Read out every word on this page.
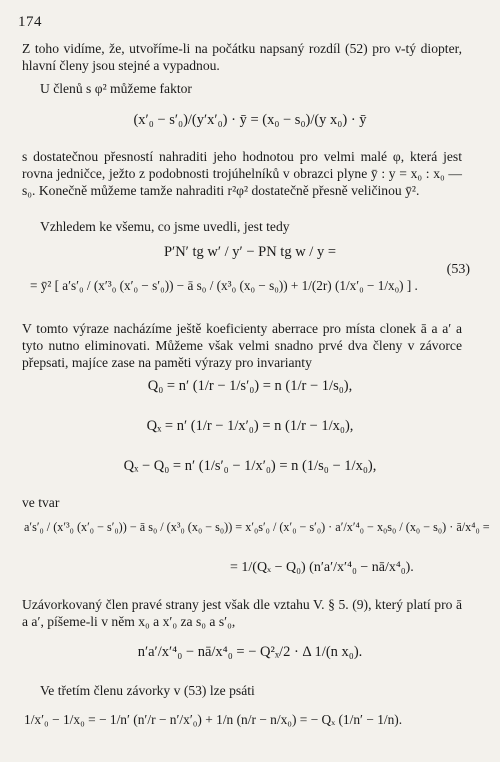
174
Z toho vidíme, že, utvoříme-li na počátku napsaný rozdíl (52) pro ν-tý diopter, hlavní členy jsou stejné a vypadnou.
U členů s φ² můžeme faktor
(x′₀ − s′₀)/(y′x′₀) · ȳ = (x₀ − s₀)/(y x₀) · ȳ
s dostatečnou přesností nahraditi jeho hodnotou pro velmi malé φ, která jest rovna jedničce, ježto z podobnosti trojúhelníků v obrazci plyne ȳ : y = x₀ : x₀ — s₀. Konečně můžeme tamže nahraditi r²φ² dostatečně přesně veličinou ȳ².
Vzhledem ke všemu, co jsme uvedli, jest tedy
P′N′ tg w′ / y′ − PN tg w / y =
= ȳ² [ a′s′₀ / (x′³₀ (x′₀ − s′₀)) − ā s₀ / (x³₀ (x₀ − s₀)) + 1/(2r) (1/x′₀ − 1/x₀) ] .
(53)
V tomto výraze nacházíme ještě koeficienty aberrace pro místa clonek ā a a′ a tyto nutno eliminovati. Můžeme však velmi snadno prvé dva členy v závorce přepsati, majíce zase na paměti výrazy pro invarianty
Q₀ = n′ (1/r − 1/s′₀) = n (1/r − 1/s₀),
Qₓ = n′ (1/r − 1/x′₀) = n (1/r − 1/x₀),
Qₓ − Q₀ = n′ (1/s′₀ − 1/x′₀) = n (1/s₀ − 1/x₀),
ve tvar
a′s′₀ / (x′³₀ (x′₀ − s′₀)) − ā s₀ / (x³₀ (x₀ − s₀)) = x′₀s′₀ / (x′₀ − s′₀) · a′/x′⁴₀ − x₀s₀ / (x₀ − s₀) · ā/x⁴₀ =
= 1/(Qₓ − Q₀) (n′a′/x′⁴₀ − nā/x⁴₀).
Uzávorkovaný člen pravé strany jest však dle vztahu V. § 5. (9), který platí pro ā a a′, píšeme-li v něm x₀ a x′₀ za s₀ a s′₀,
n′a′/x′⁴₀ − nā/x⁴₀ = − Q²ₓ/2 · Δ 1/(n x₀).
Ve třetím členu závorky v (53) lze psáti
1/x′₀ − 1/x₀ = − 1/n′ (n′/r − n′/x′₀) + 1/n (n/r − n/x₀) = − Qₓ (1/n′ − 1/n).
